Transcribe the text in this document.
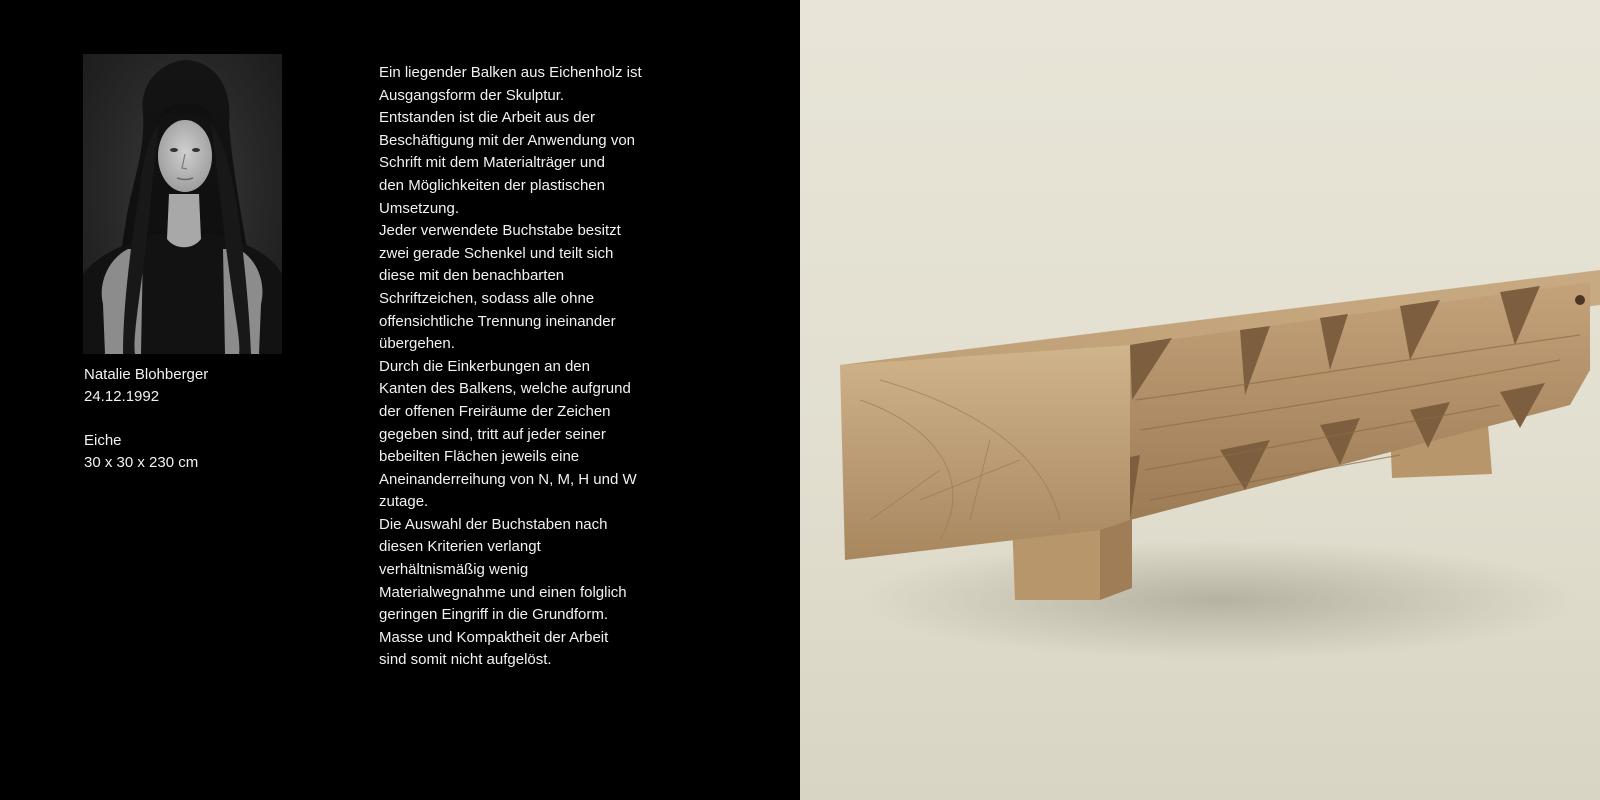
Natalie Blohberger
24.12.1992
Eiche
30 x 30 x 230 cm

Ein liegender Balken aus Eichenholz ist

Ausgangsform der Skulptur.

Entstanden ist die Arbeit aus der

Beschäftigung mit der Anwendung von

Schrift mit dem Materialträger und

den Möglichkeiten der plastischen

Umsetzung.

Jeder verwendete Buchstabe besitzt

zwei gerade Schenkel und teilt sich

diese mit den benachbarten

Schriftzeichen, sodass alle ohne

offensichtliche Trennung ineinander

übergehen.

Durch die Einkerbungen an den

Kanten des Balkens, welche aufgrund

der offenen Freiräume der Zeichen

gegeben sind, tritt auf jeder seiner

bebeilten Flächen jeweils eine

Aneinanderreihung von N, M, H und W

zutage.

Die Auswahl der Buchstaben nach

diesen Kriterien verlangt

verhältnismäßig wenig

Materialwegnahme und einen folglich

geringen Eingriff in die Grundform.

Masse und Kompaktheit der Arbeit

sind somit nicht aufgelöst.
